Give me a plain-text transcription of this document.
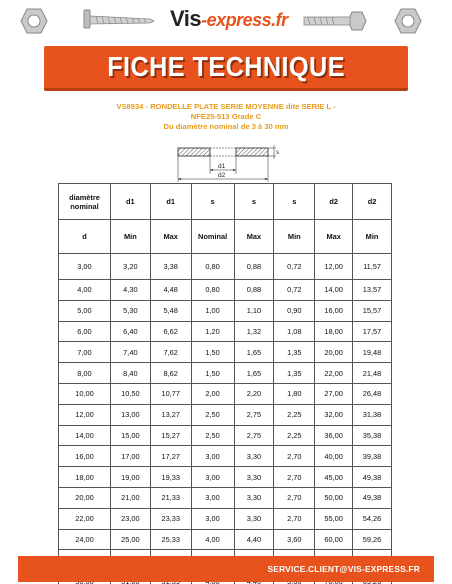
Vis-express.fr
FICHE TECHNIQUE
VS8934 - RONDELLE PLATE SERIE MOYENNE dite SERIE L -
NFE25-513 Grade C
Du diamètre nominal de 3 à 30 mm
s
d1
d2
diamètre nominal	d1	d1	s	s	s	d2	d2
d	Min	Max	Nominal	Max	Min	Max	Min
3,00	3,20	3,38	0,80	0,88	0,72	12,00	11,57
4,00	4,30	4,48	0,80	0,88	0,72	14,00	13,57
5,00	5,30	5,48	1,00	1,10	0,90	16,00	15,57
6,00	6,40	6,62	1,20	1,32	1,08	18,00	17,57
7,00	7,40	7,62	1,50	1,65	1,35	20,00	19,48
8,00	8,40	8,62	1,50	1,65	1,35	22,00	21,48
10,00	10,50	10,77	2,00	2,20	1,80	27,00	26,48
12,00	13,00	13,27	2,50	2,75	2,25	32,00	31,38
14,00	15,00	15,27	2,50	2,75	2,25	36,00	35,38
16,00	17,00	17,27	3,00	3,30	2,70	40,00	39,38
18,00	19,00	19,33	3,00	3,30	2,70	45,00	49,38
20,00	21,00	21,33	3,00	3,30	2,70	50,00	49,38
22,00	23,00	23,33	3,00	3,30	2,70	55,00	54,26
24,00	25,00	25,33	4,00	4,40	3,60	60,00	59,26

SERVICE.CLIENT@VIS-EXPRESS.FR
